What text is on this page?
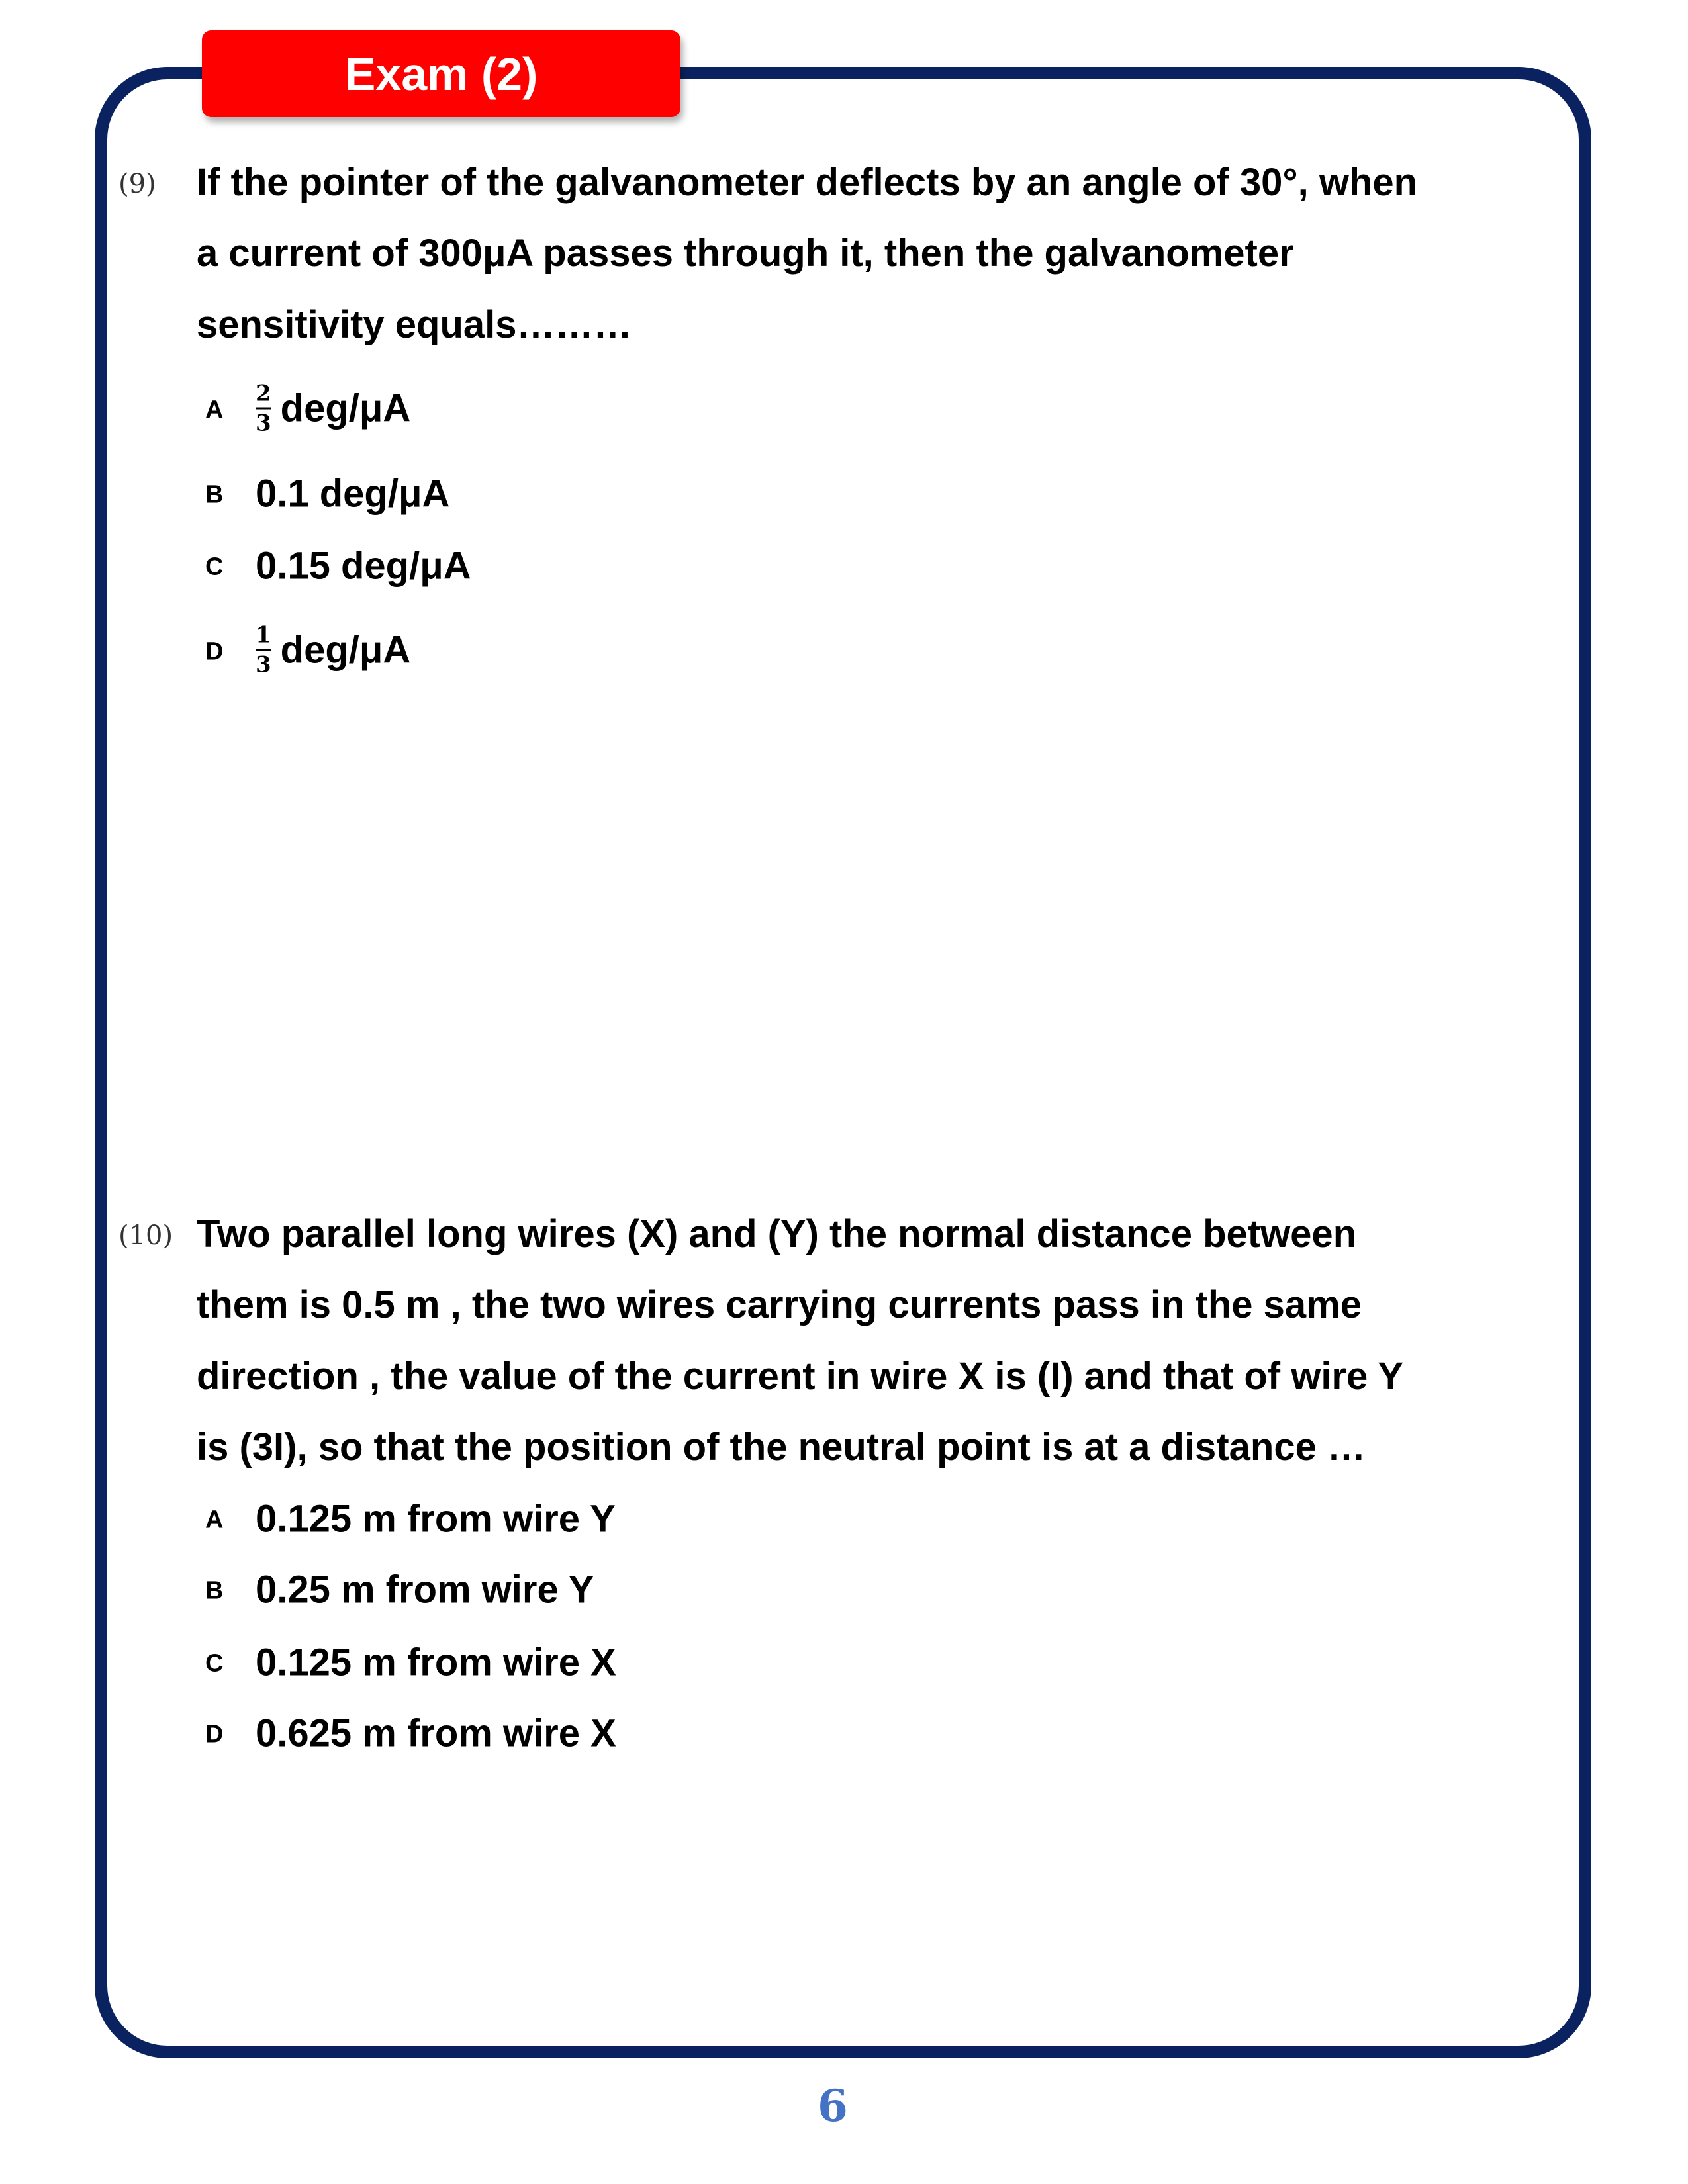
Exam (2)
(9) If the pointer of the galvanometer deflects by an angle of 30°, when
a current of 300μA passes through it, then the galvanometer
sensitivity equals………
A $\frac{2}{3} deg/\mu A$
B 0.1 deg/μA
C 0.15 deg/μA
D $\frac{1}{3} deg/\mu A$
(10) Two parallel long wires (X) and (Y) the normal distance between
them is 0.5 m , the two wires carrying currents pass in the same
direction , the value of the current in wire X is (I) and that of wire Y
is (3I), so that the position of the neutral point is at a distance …
A 0.125 m from wire Y
B 0.25 m from wire Y
C 0.125 m from wire X
D 0.625 m from wire X
6
